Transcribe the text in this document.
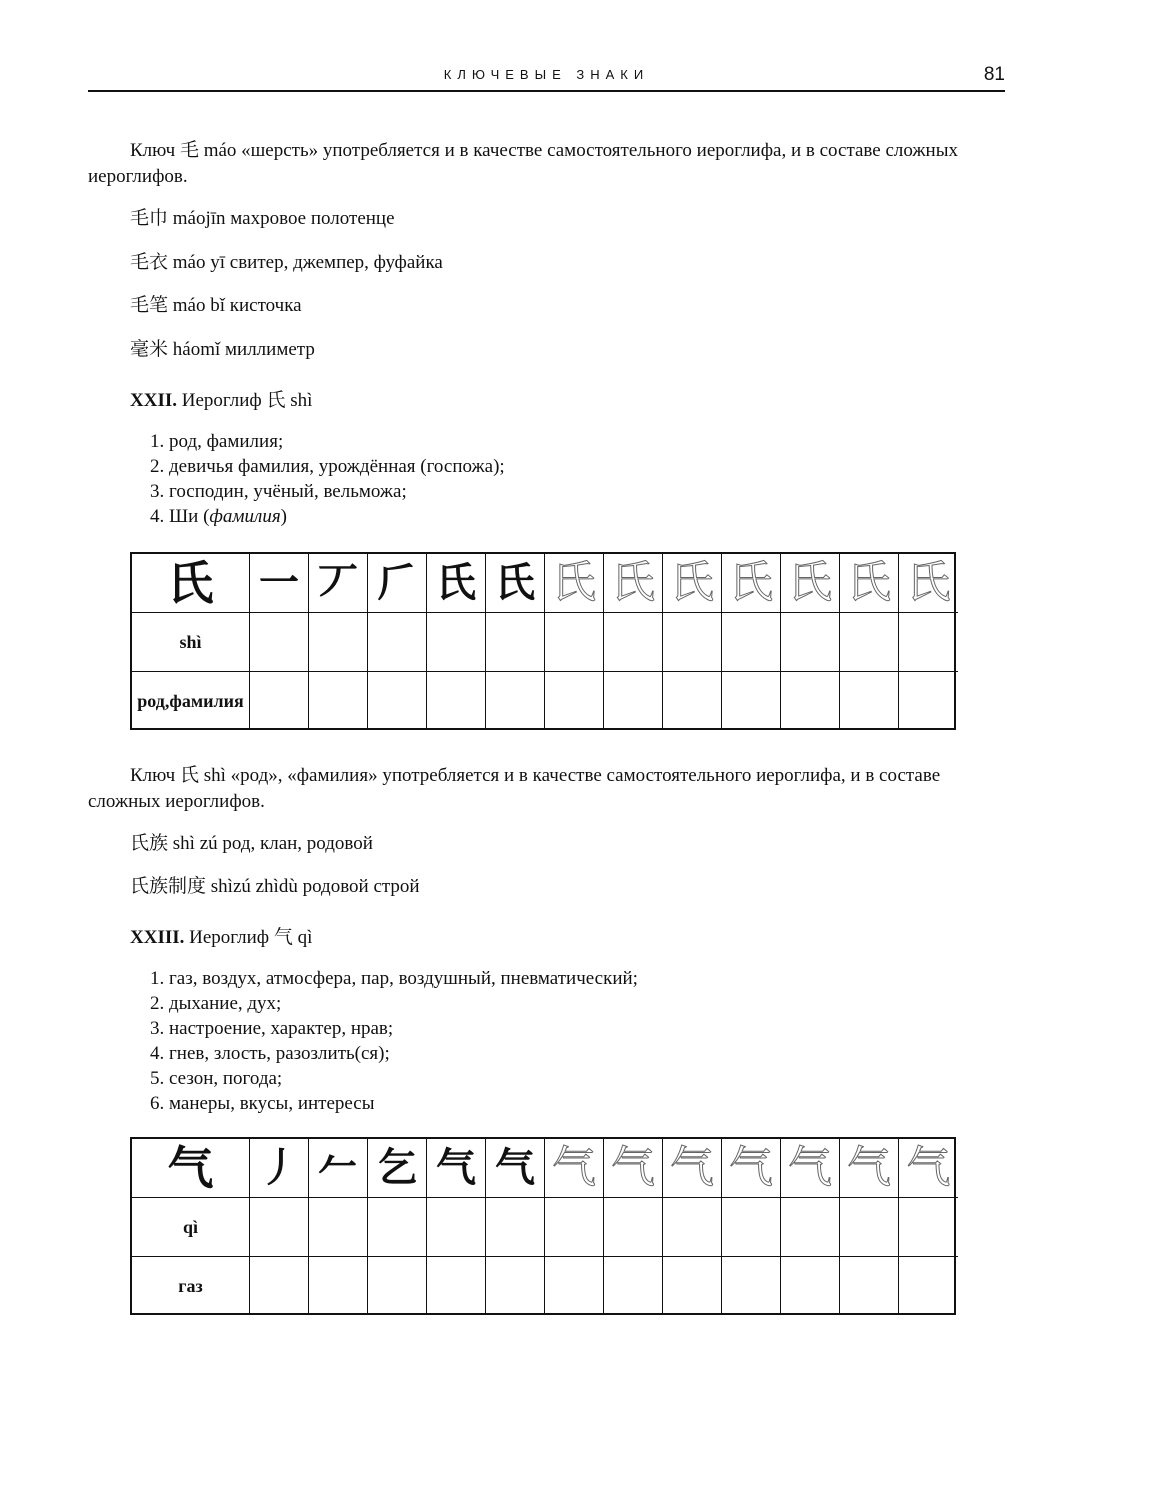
КЛЮЧЕВЫЕ ЗНАКИ	81

Ключ 毛 máo «шерсть» употребляется и в качестве самостоятельного иероглифа, и в составе сложных иероглифов.

毛巾 máojīn махровое полотенце

毛衣 máo yī свитер, джемпер, фуфайка

毛笔 máo bǐ кисточка

毫米 háomǐ миллиметр

XXII. Иероглиф 氏 shì

1. род, фамилия;
2. девичья фамилия, урождённая (госпожа);
3. господин, учёный, вельможа;
4. Ши (фамилия)
氏
shì
род, фамилия
一 丆 𠂆 氏 氏 氏 氏 氏 氏 氏 氏 氏

Ключ 氏 shì «род», «фамилия» употребляется и в качестве самостоятельного иероглифа, и в составе сложных иероглифов.

氏族 shì zú род, клан, родовой

氏族制度 shìzú zhìdù родовой строй

XXIII. Иероглиф 气 qì

1. газ, воздух, атмосфера, пар, воздушный, пневматический;
2. дыхание, дух;
3. настроение, характер, нрав;
4. гнев, злость, разозлить(ся);
5. сезон, погода;
6. манеры, вкусы, интересы
气
qì
газ
丿 𠂉 乞 气 气 气 气 气 气 气 气 气
